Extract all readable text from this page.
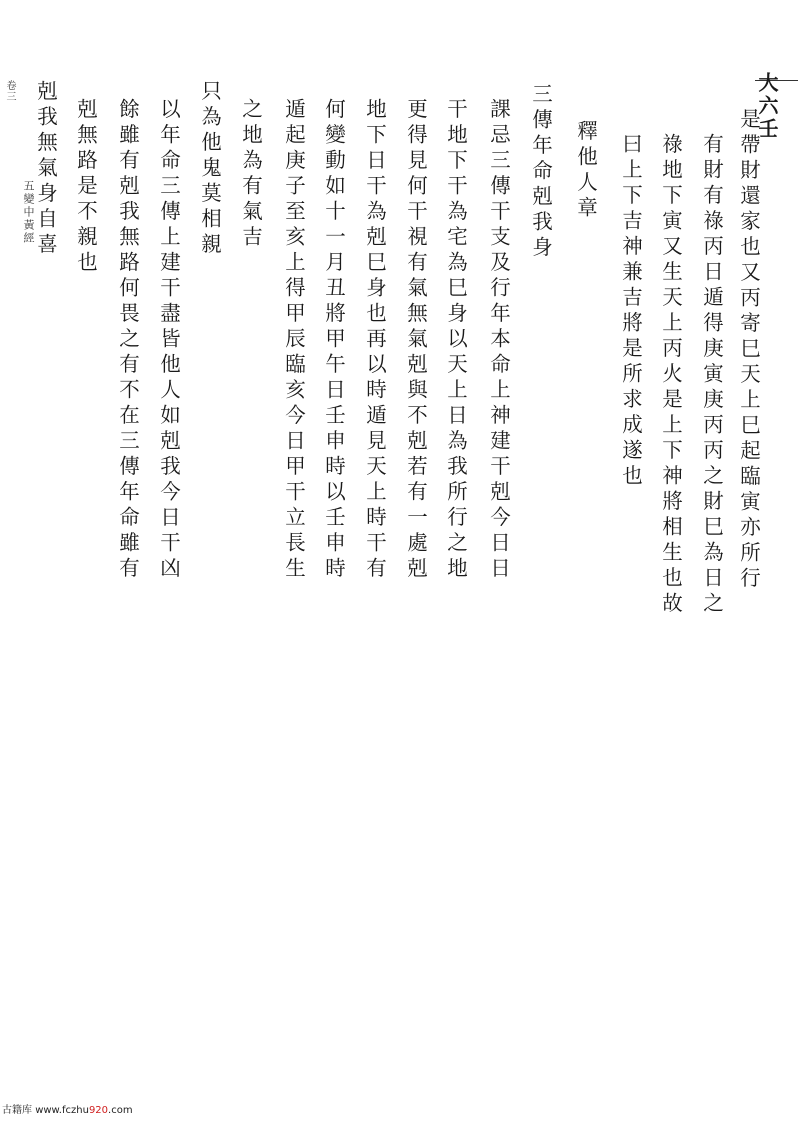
大六壬
是帶財還家也又丙寄巳天上巳起臨寅亦所行
有財有祿丙日遁得庚寅庚丙丙之財巳為日之
祿地下寅又生天上丙火是上下神將相生也故
曰上下吉神兼吉將是所求成遂也
釋他人章
三傳年命剋我身
課忌三傳干支及行年本命上神建干剋今日日
干地下干為宅為巳身以天上日為我所行之地
更得見何干視有氣無氣剋與不剋若有一處剋
地下日干為剋巳身也再以時遁見天上時干有
何變動如十一月丑將甲午日壬申時以壬申時
遁起庚子至亥上得甲辰臨亥今日甲干立長生
之地為有氣吉
只為他鬼莫相親
以年命三傳上建干盡皆他人如剋我今日干凶
餘雖有剋我無路何畏之有不在三傳年命雖有
剋無路是不親也
剋我無氣身自喜
卷三
五變中黃經
古籍库 www.fczhu920.com
